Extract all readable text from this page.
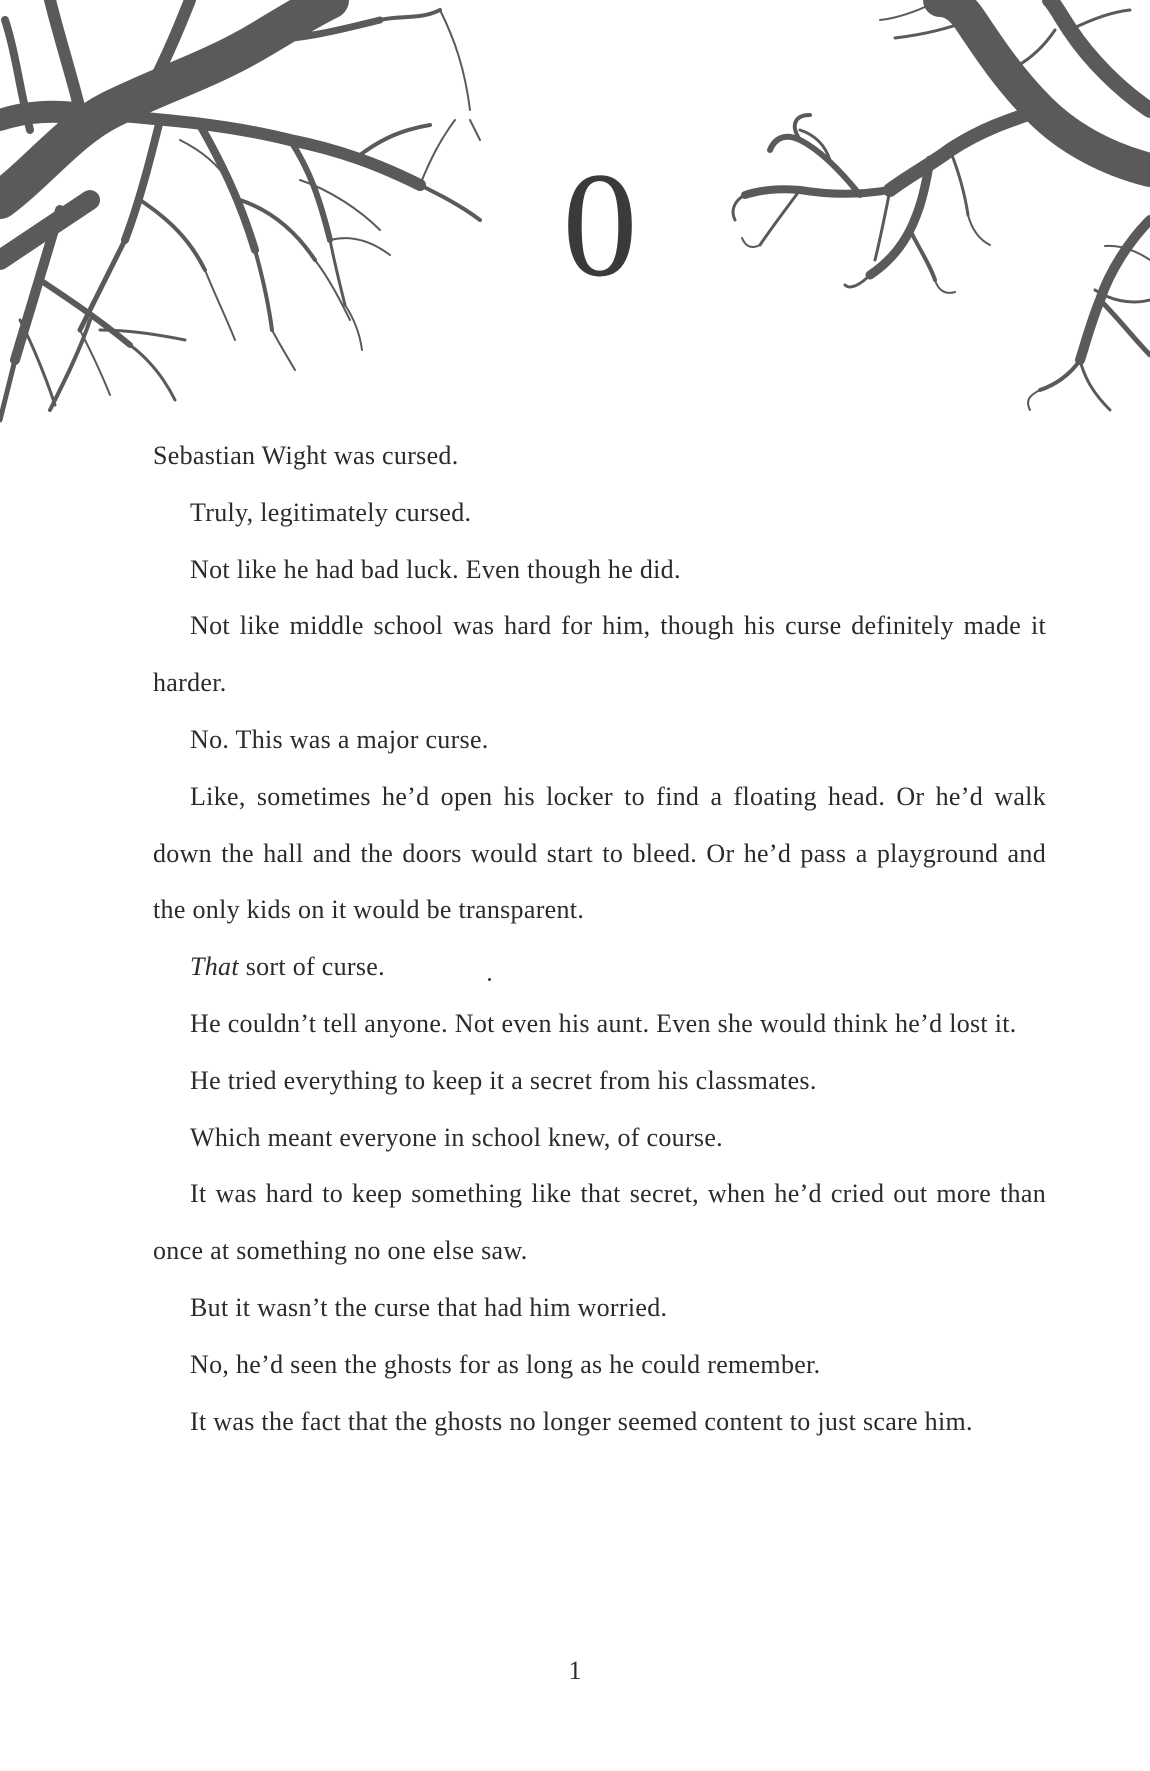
0

Sebastian Wight was cursed.

Truly, legitimately cursed.

Not like he had bad luck. Even though he did.

Not like middle school was hard for him, though his curse definitely made it harder.

No. This was a major curse.

Like, sometimes he’d open his locker to find a floating head. Or he’d walk down the hall and the doors would start to bleed. Or he’d pass a playground and the only kids on it would be transparent.

That sort of curse.

He couldn’t tell anyone. Not even his aunt. Even she would think he’d lost it.

He tried everything to keep it a secret from his classmates.

Which meant everyone in school knew, of course.

It was hard to keep something like that secret, when he’d cried out more than once at something no one else saw.

But it wasn’t the curse that had him worried.

No, he’d seen the ghosts for as long as he could remember.

It was the fact that the ghosts no longer seemed content to just scare him.

1
